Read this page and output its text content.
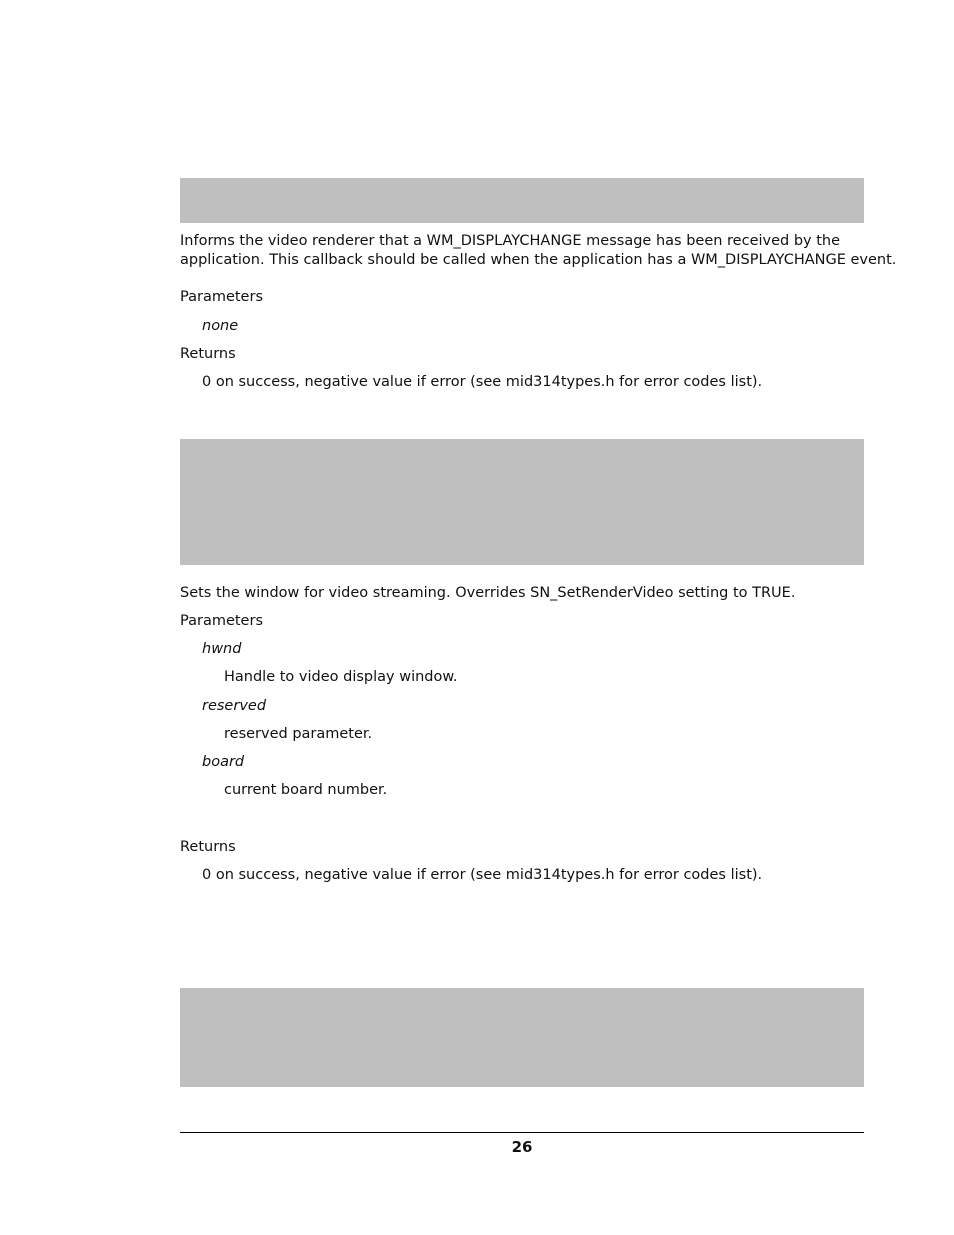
Informs the video renderer that a WM_DISPLAYCHANGE message has been received by the
application. This callback should be called when the application has a WM_DISPLAYCHANGE event.
Parameters
none
Returns
0 on success, negative value if error (see mid314types.h for error codes list).
Sets the window for video streaming. Overrides SN_SetRenderVideo setting to TRUE.
Parameters
hwnd
Handle to video display window.
reserved
reserved parameter.
board
current board number.
Returns
0 on success, negative value if error (see mid314types.h for error codes list).
26
